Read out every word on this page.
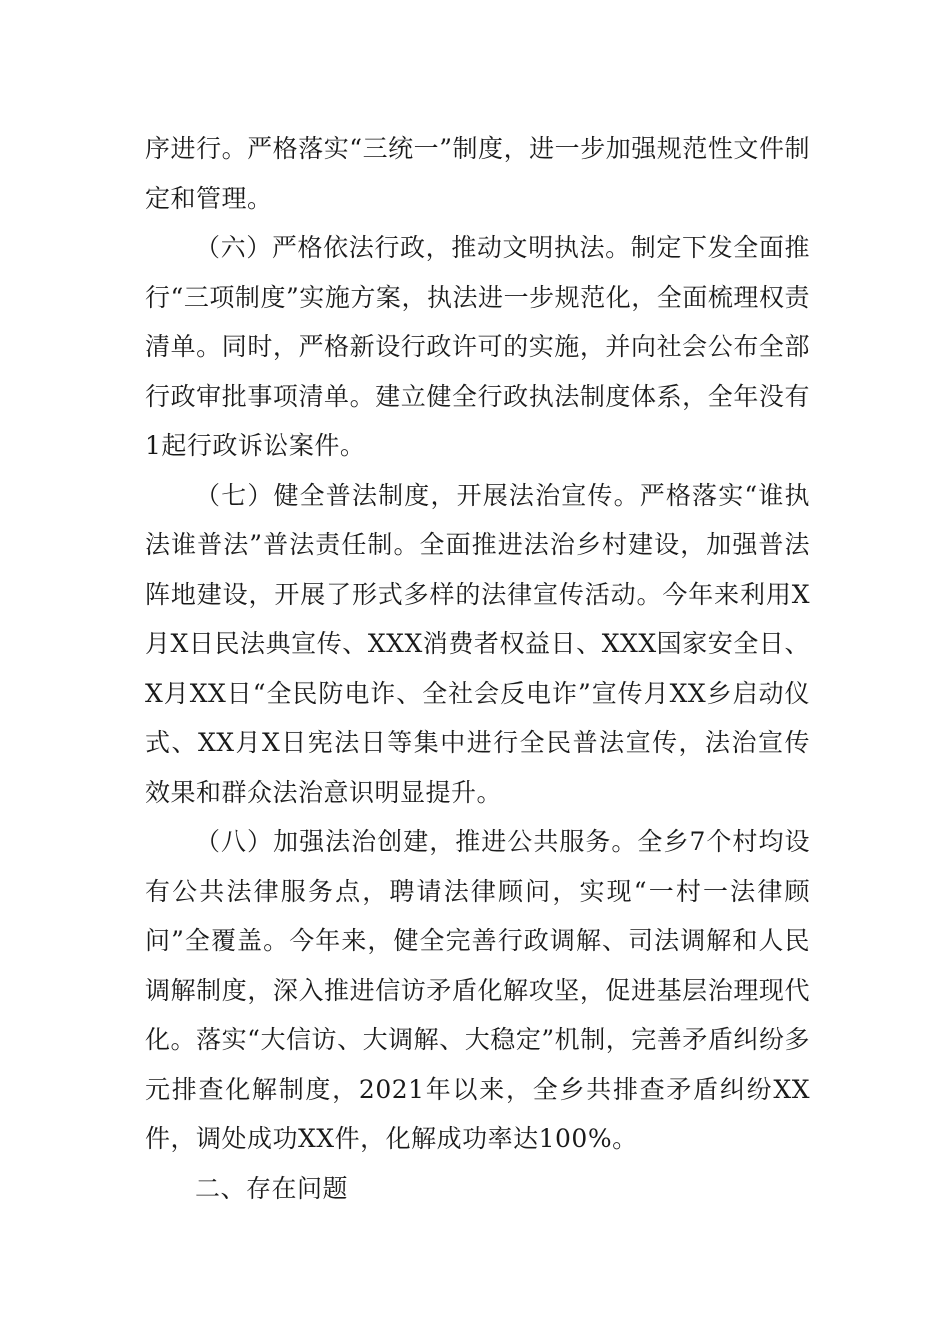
序进行。严格落实“三统一”制度，进一步加强规范性文件制定和管理。

（六）严格依法行政，推动文明执法。制定下发全面推行“三项制度”实施方案，执法进一步规范化，全面梳理权责清单。同时，严格新设行政许可的实施，并向社会公布全部行政审批事项清单。建立健全行政执法制度体系，全年没有1起行政诉讼案件。

（七）健全普法制度，开展法治宣传。严格落实“谁执法谁普法”普法责任制。全面推进法治乡村建设，加强普法阵地建设，开展了形式多样的法律宣传活动。今年来利用X月X日民法典宣传、XXX消费者权益日、XXX国家安全日、X月XX日“全民防电诈、全社会反电诈”宣传月XX乡启动仪式、XX月X日宪法日等集中进行全民普法宣传，法治宣传效果和群众法治意识明显提升。

（八）加强法治创建，推进公共服务。全乡7个村均设有公共法律服务点，聘请法律顾问，实现“一村一法律顾问”全覆盖。今年来，健全完善行政调解、司法调解和人民调解制度，深入推进信访矛盾化解攻坚，促进基层治理现代化。落实“大信访、大调解、大稳定”机制，完善矛盾纠纷多元排查化解制度，2021年以来，全乡共排查矛盾纠纷XX件，调处成功XX件，化解成功率达100%。

二、存在问题
